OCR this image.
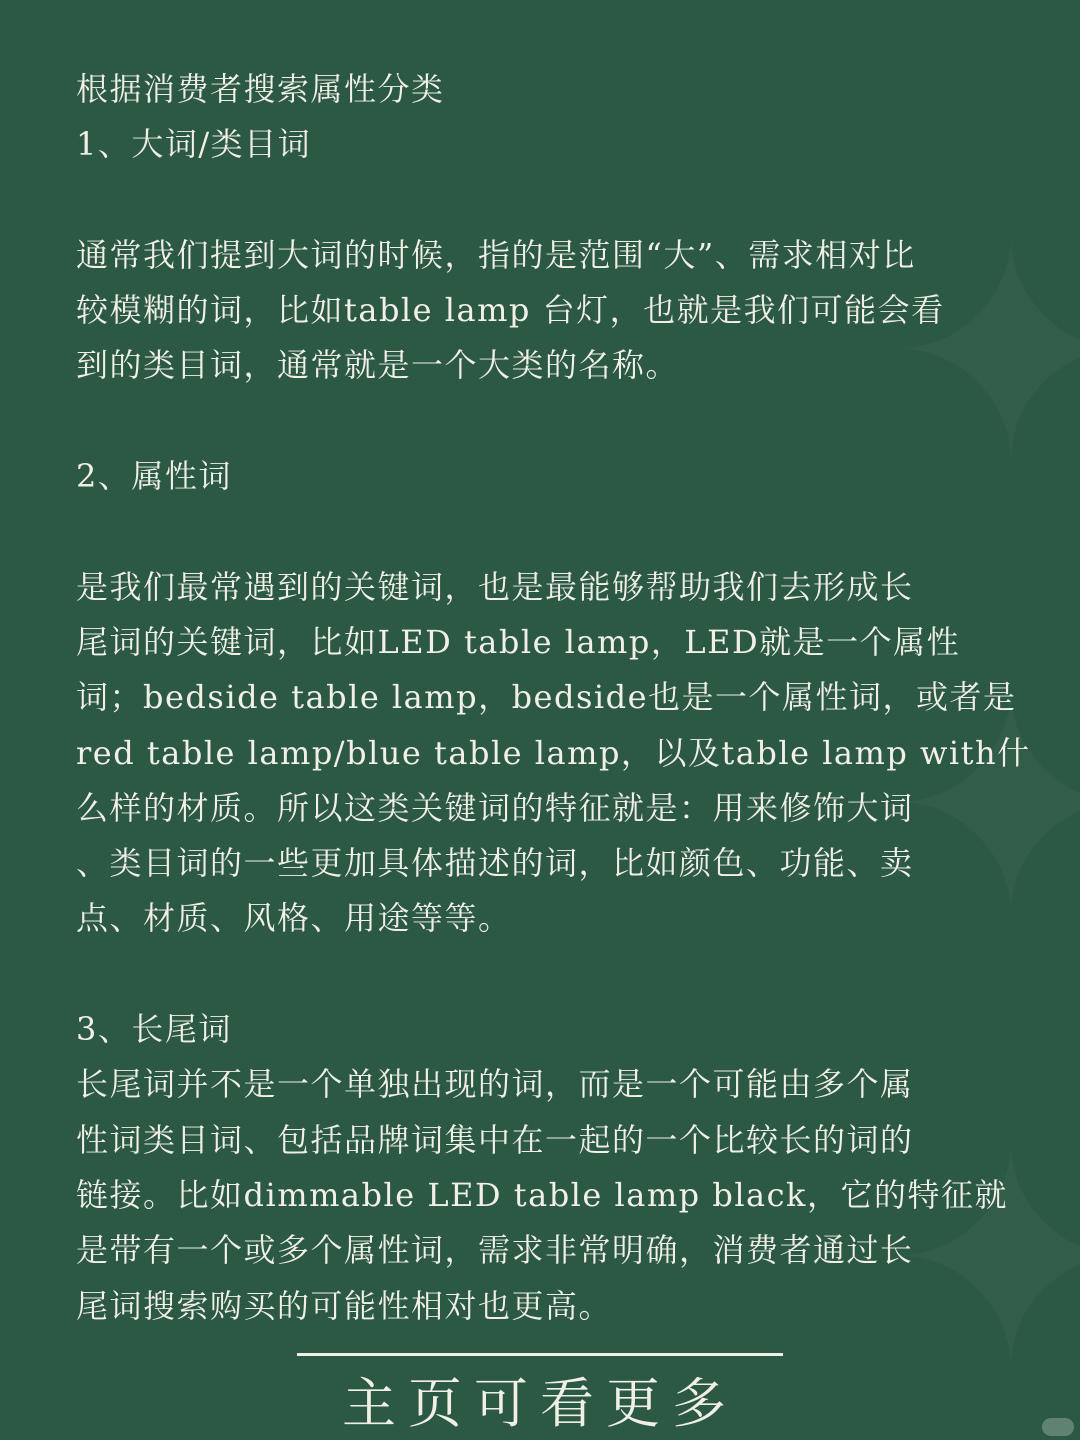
根据消费者搜索属性分类
1、大词/类目词
通常我们提到大词的时候，指的是范围“大”、需求相对比
较模糊的词，比如table lamp 台灯，也就是我们可能会看
到的类目词，通常就是一个大类的名称。
2、属性词
是我们最常遇到的关键词，也是最能够帮助我们去形成长
尾词的关键词，比如LED table lamp，LED就是一个属性
词；bedside table lamp，bedside也是一个属性词，或者是
red table lamp/blue table lamp，以及table lamp with什
么样的材质。所以这类关键词的特征就是：用来修饰大词
、类目词的一些更加具体描述的词，比如颜色、功能、卖
点、材质、风格、用途等等。
3、长尾词
长尾词并不是一个单独出现的词，而是一个可能由多个属
性词类目词、包括品牌词集中在一起的一个比较长的词的
链接。比如dimmable LED table lamp black，它的特征就
是带有一个或多个属性词，需求非常明确，消费者通过长
尾词搜索购买的可能性相对也更高。
主页可看更多
